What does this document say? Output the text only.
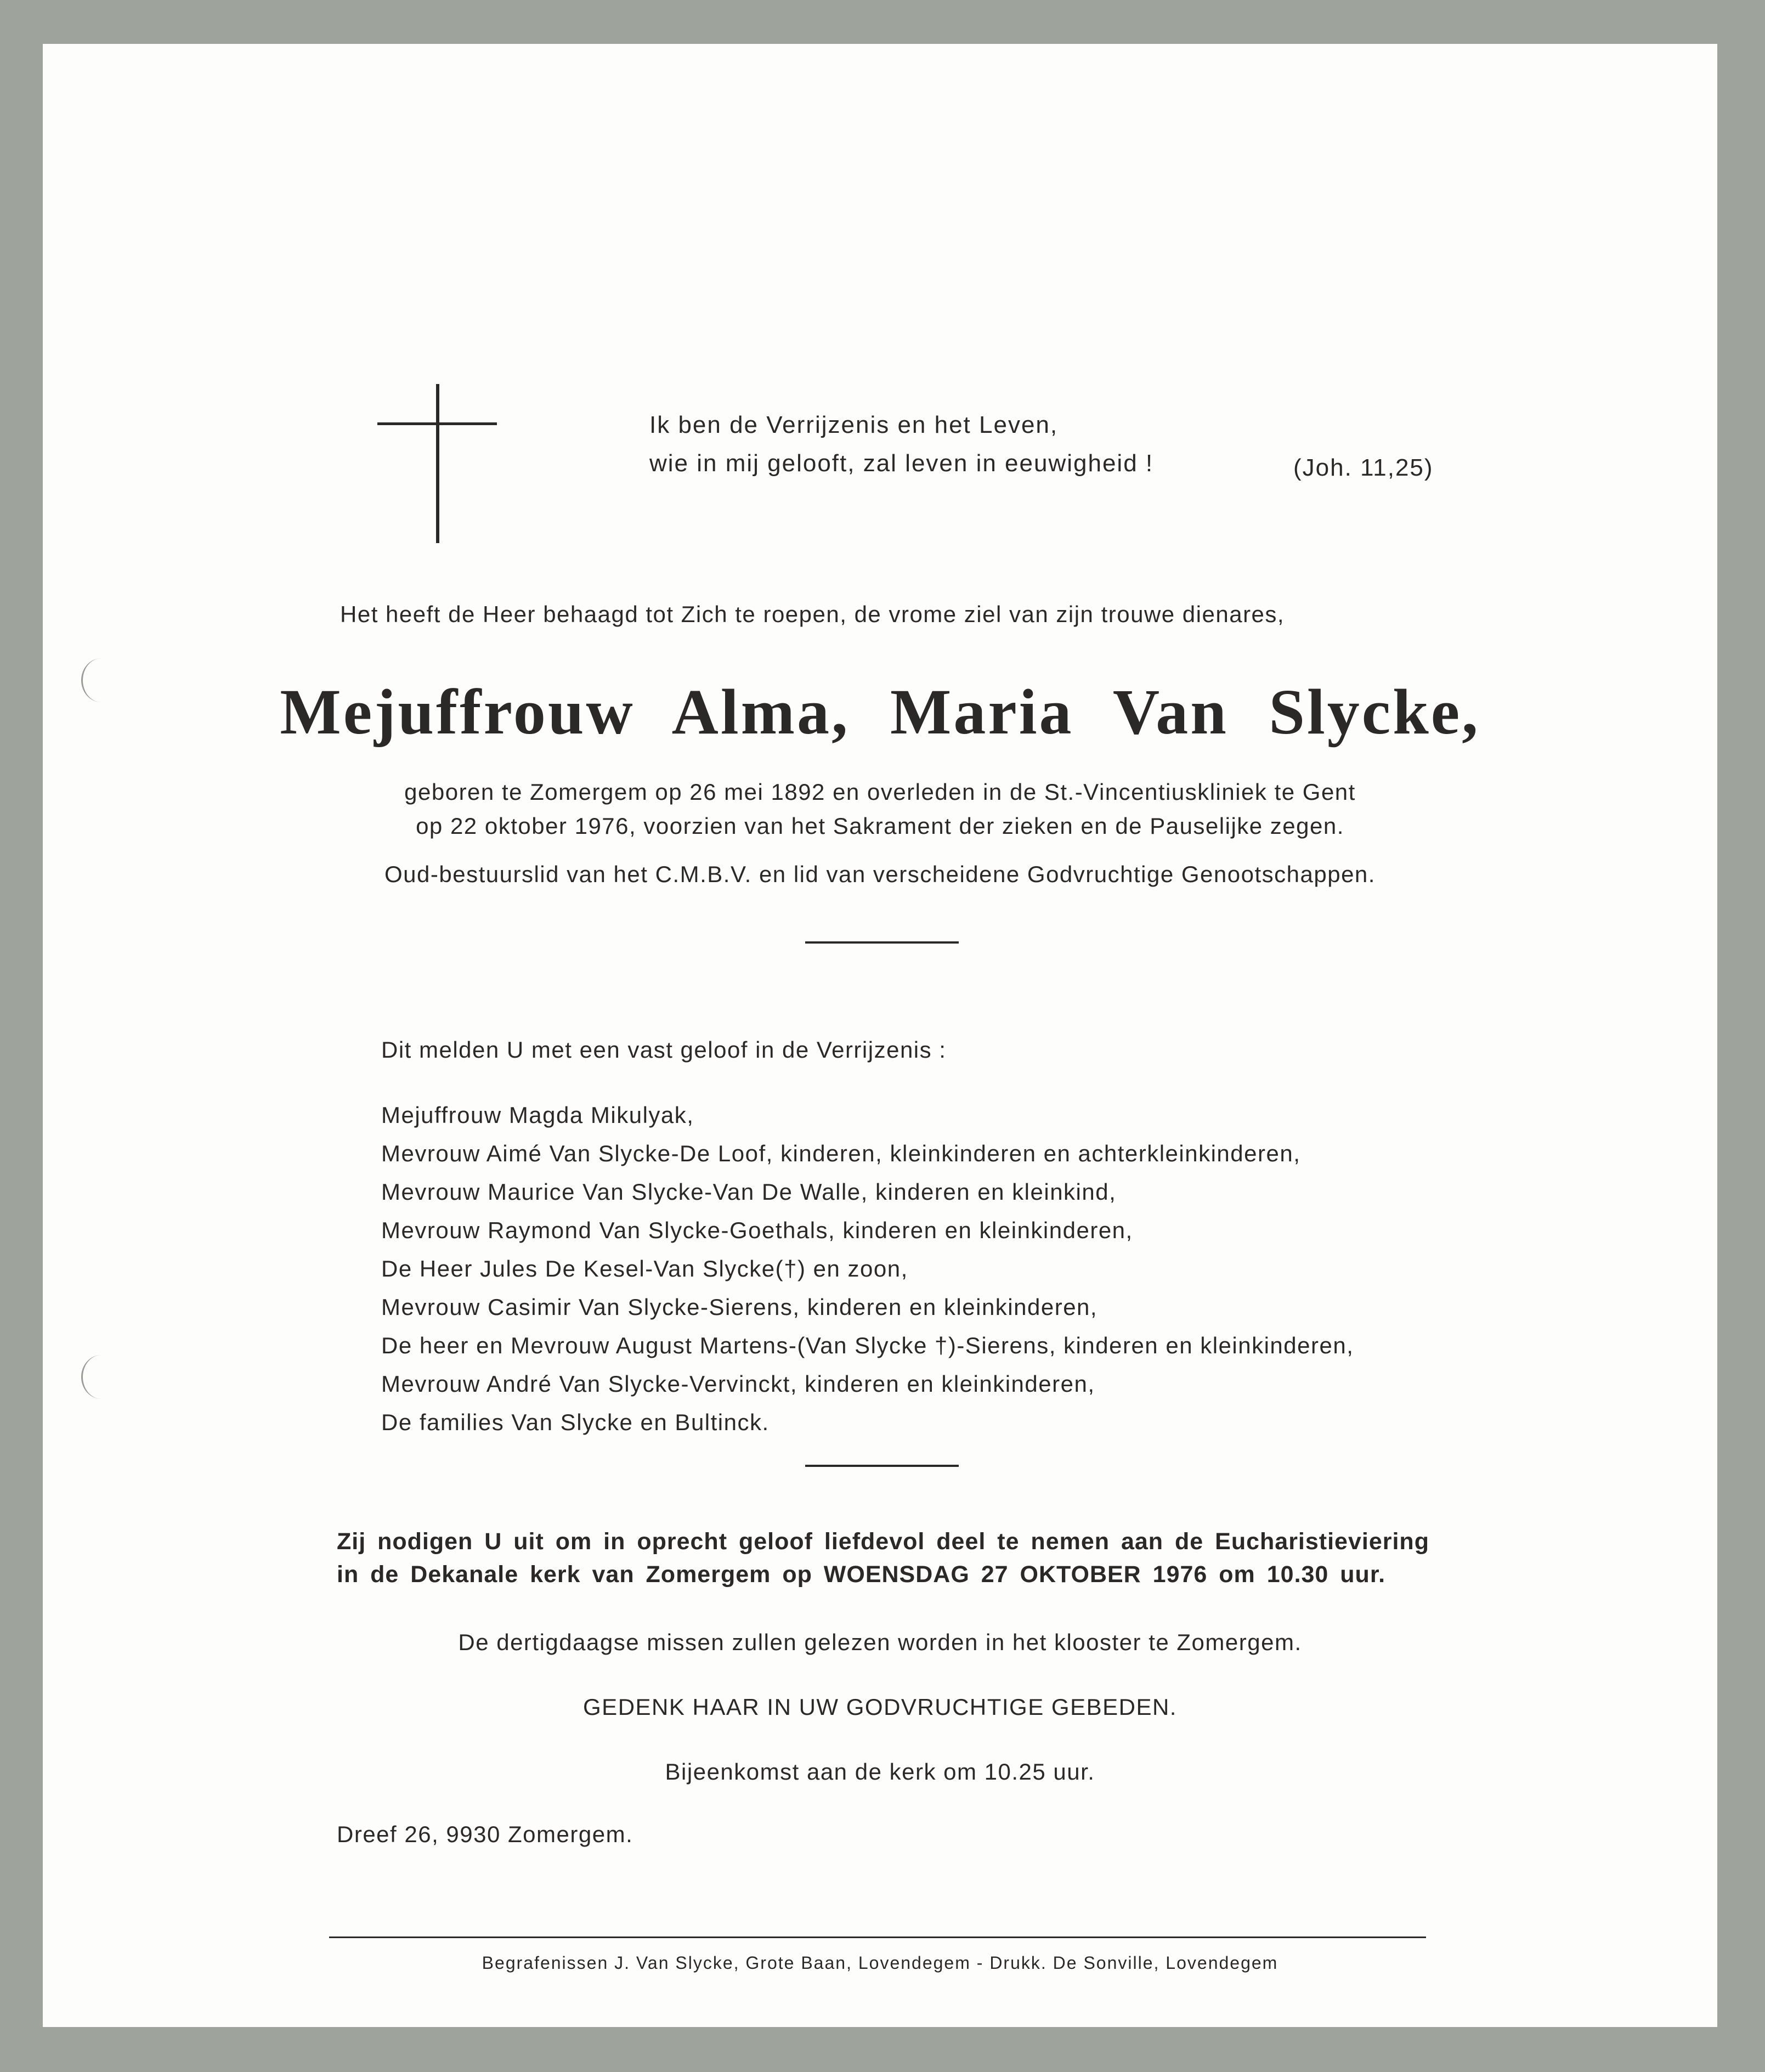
Ik ben de Verrijzenis en het Leven,
wie in mij gelooft, zal leven in eeuwigheid !	(Joh. 11,25)
Het heeft de Heer behaagd tot Zich te roepen, de vrome ziel van zijn trouwe dienares,
Mejuffrouw Alma, Maria Van Slycke,
geboren te Zomergem op 26 mei 1892 en overleden in de St.-Vincentiuskliniek te Gent
op 22 oktober 1976, voorzien van het Sakrament der zieken en de Pauselijke zegen.
Oud-bestuurslid van het C.M.B.V. en lid van verscheidene Godvruchtige Genootschappen.
Dit melden U met een vast geloof in de Verrijzenis :
Mejuffrouw Magda Mikulyak,
Mevrouw Aimé Van Slycke-De Loof, kinderen, kleinkinderen en achterkleinkinderen,
Mevrouw Maurice Van Slycke-Van De Walle, kinderen en kleinkind,
Mevrouw Raymond Van Slycke-Goethals, kinderen en kleinkinderen,
De Heer Jules De Kesel-Van Slycke(†) en zoon,
Mevrouw Casimir Van Slycke-Sierens, kinderen en kleinkinderen,
De heer en Mevrouw August Martens-(Van Slycke †)-Sierens, kinderen en kleinkinderen,
Mevrouw André Van Slycke-Vervinckt, kinderen en kleinkinderen,
De families Van Slycke en Bultinck.
Zij nodigen U uit om in oprecht geloof liefdevol deel te nemen aan de Eucharistieviering
in de Dekanale kerk van Zomergem op WOENSDAG 27 OKTOBER 1976 om 10.30 uur.
De dertigdaagse missen zullen gelezen worden in het klooster te Zomergem.
GEDENK HAAR IN UW GODVRUCHTIGE GEBEDEN.
Bijeenkomst aan de kerk om 10.25 uur.
Dreef 26, 9930 Zomergem.
Begrafenissen J. Van Slycke, Grote Baan, Lovendegem - Drukk. De Sonville, Lovendegem
